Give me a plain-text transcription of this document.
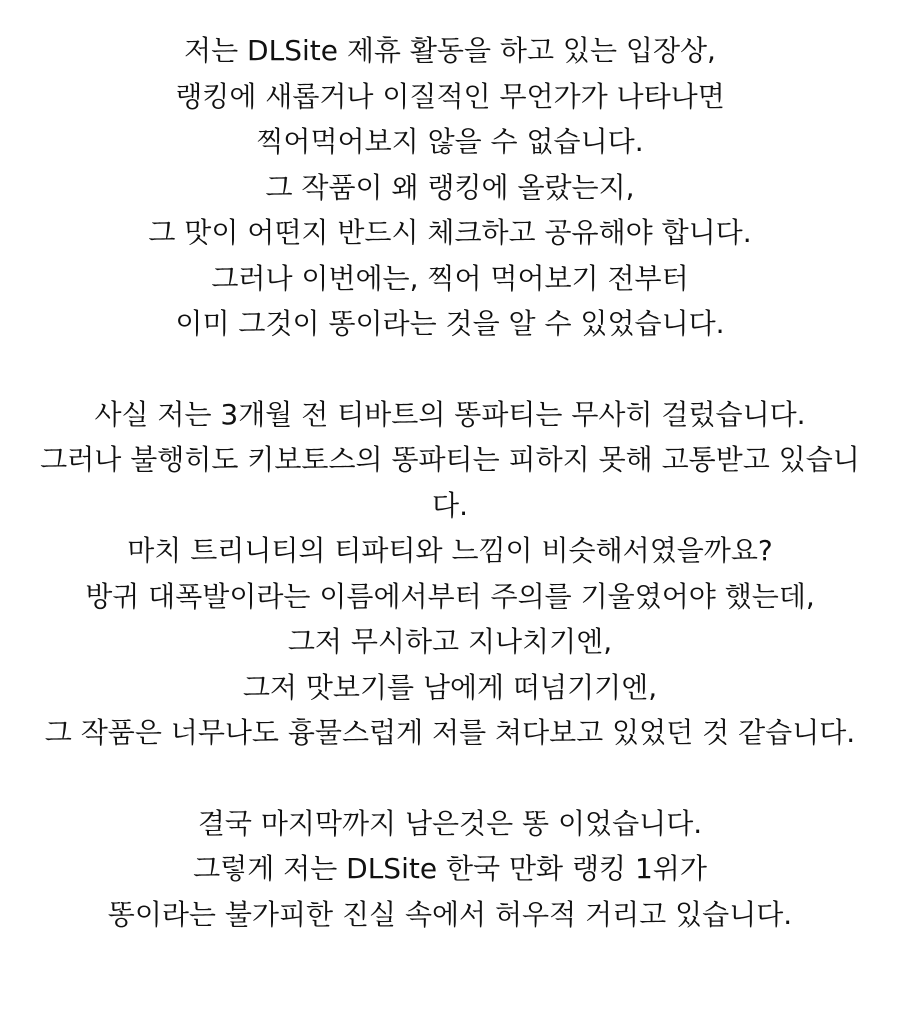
저는 DLSite 제휴 활동을 하고 있는 입장상,
랭킹에 새롭거나 이질적인 무언가가 나타나면
찍어먹어보지 않을 수 없습니다.
그 작품이 왜 랭킹에 올랐는지,
그 맛이 어떤지 반드시 체크하고 공유해야 합니다.
그러나 이번에는, 찍어 먹어보기 전부터
이미 그것이 똥이라는 것을 알 수 있었습니다.
사실 저는 3개월 전 티바트의 똥파티는 무사히 걸렀습니다.
그러나 불행히도 키보토스의 똥파티는 피하지 못해 고통받고 있습니
다.
마치 트리니티의 티파티와 느낌이 비슷해서였을까요?
방귀 대폭발이라는 이름에서부터 주의를 기울였어야 했는데,
그저 무시하고 지나치기엔,
그저 맛보기를 남에게 떠넘기기엔,
그 작품은 너무나도 흉물스럽게 저를 쳐다보고 있었던 것 같습니다.
결국 마지막까지 남은것은 똥 이었습니다.
그렇게 저는 DLSite 한국 만화 랭킹 1위가
똥이라는 불가피한 진실 속에서 허우적 거리고 있습니다.
